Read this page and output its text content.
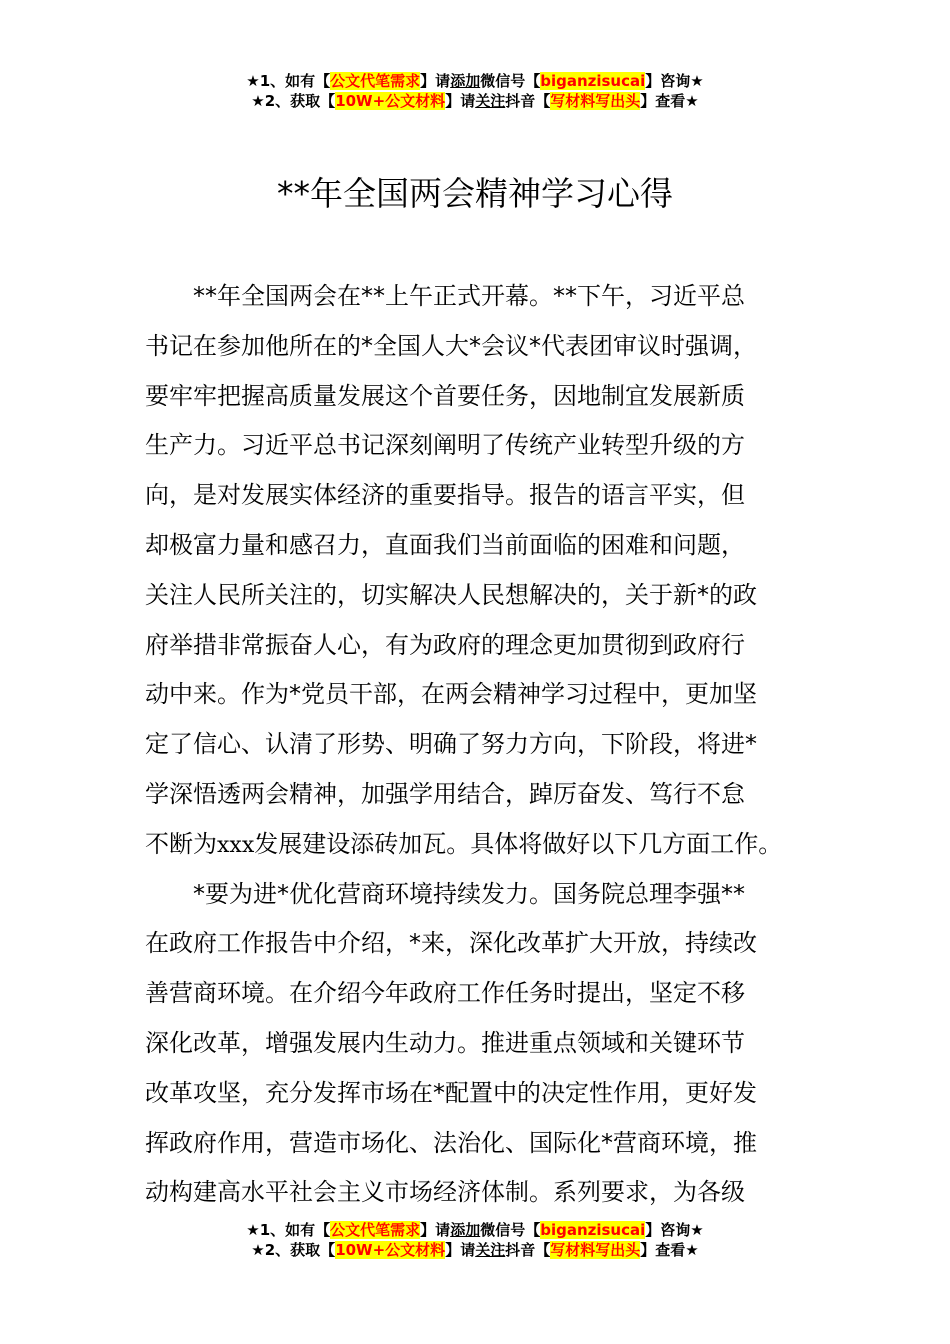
★1、如有【公文代笔需求】请添加微信号【biganzisucai】咨询★
★2、获取【10W+公文材料】请关注抖音【写材料写出头】查看★
**年全国两会精神学习心得
**年全国两会在**上午正式开幕。**下午，习近平总
书记在参加他所在的*全国人大*会议*代表团审议时强调，
要牢牢把握高质量发展这个首要任务，因地制宜发展新质
生产力。习近平总书记深刻阐明了传统产业转型升级的方
向，是对发展实体经济的重要指导。报告的语言平实，但
却极富力量和感召力，直面我们当前面临的困难和问题，
关注人民所关注的，切实解决人民想解决的，关于新*的政
府举措非常振奋人心，有为政府的理念更加贯彻到政府行
动中来。作为*党员干部，在两会精神学习过程中，更加坚
定了信心、认清了形势、明确了努力方向，下阶段，将进*
学深悟透两会精神，加强学用结合，踔厉奋发、笃行不怠
不断为xxx发展建设添砖加瓦。具体将做好以下几方面工作。
*要为进*优化营商环境持续发力。国务院总理李强**
在政府工作报告中介绍，*来，深化改革扩大开放，持续改
善营商环境。在介绍今年政府工作任务时提出，坚定不移
深化改革，增强发展内生动力。推进重点领域和关键环节
改革攻坚，充分发挥市场在*配置中的决定性作用，更好发
挥政府作用，营造市场化、法治化、国际化*营商环境，推
动构建高水平社会主义市场经济体制。系列要求，为各级
★1、如有【公文代笔需求】请添加微信号【biganzisucai】咨询★
★2、获取【10W+公文材料】请关注抖音【写材料写出头】查看★
